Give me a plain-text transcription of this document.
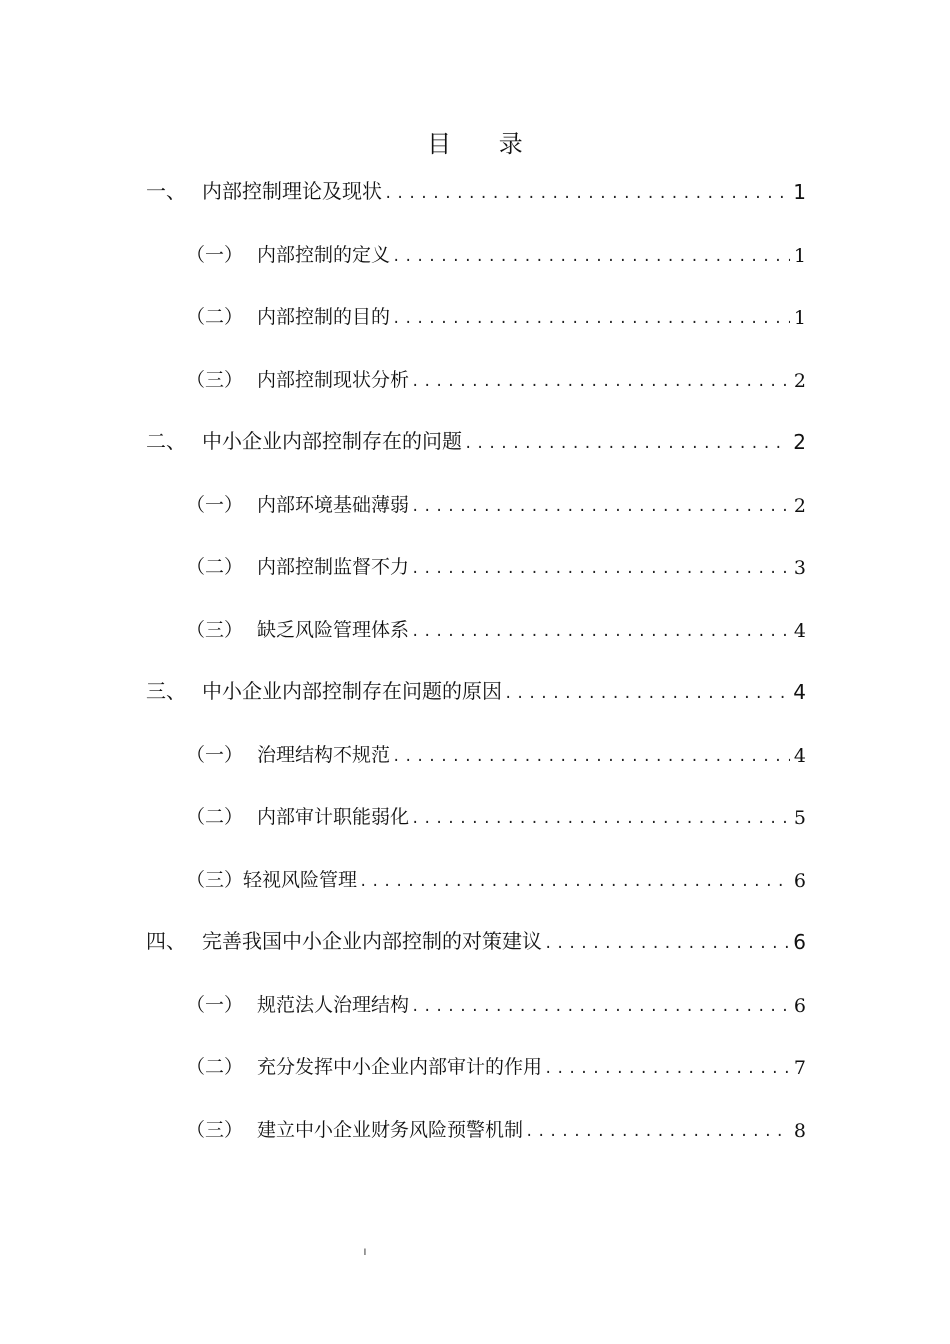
目 录
一、 内部控制理论及现状 .....	1
（一） 内部控制的定义 .....	1
（二） 内部控制的目的 .....	1
（三） 内部控制现状分析 .....	2
二、 中小企业内部控制存在的问题 .....	2
（一） 内部环境基础薄弱 .....	2
（二） 内部控制监督不力 .....	3
（三） 缺乏风险管理体系 .....	4
三、 中小企业内部控制存在问题的原因 .....	4
（一） 治理结构不规范 .....	4
（二） 内部审计职能弱化 .....	5
（三） 轻视风险管理 .....	6
四、 完善我国中小企业内部控制的对策建议 .....	6
（一） 规范法人治理结构 .....	6
（二） 充分发挥中小企业内部审计的作用 .....	7
（三） 建立中小企业财务风险预警机制 .....	8
I
